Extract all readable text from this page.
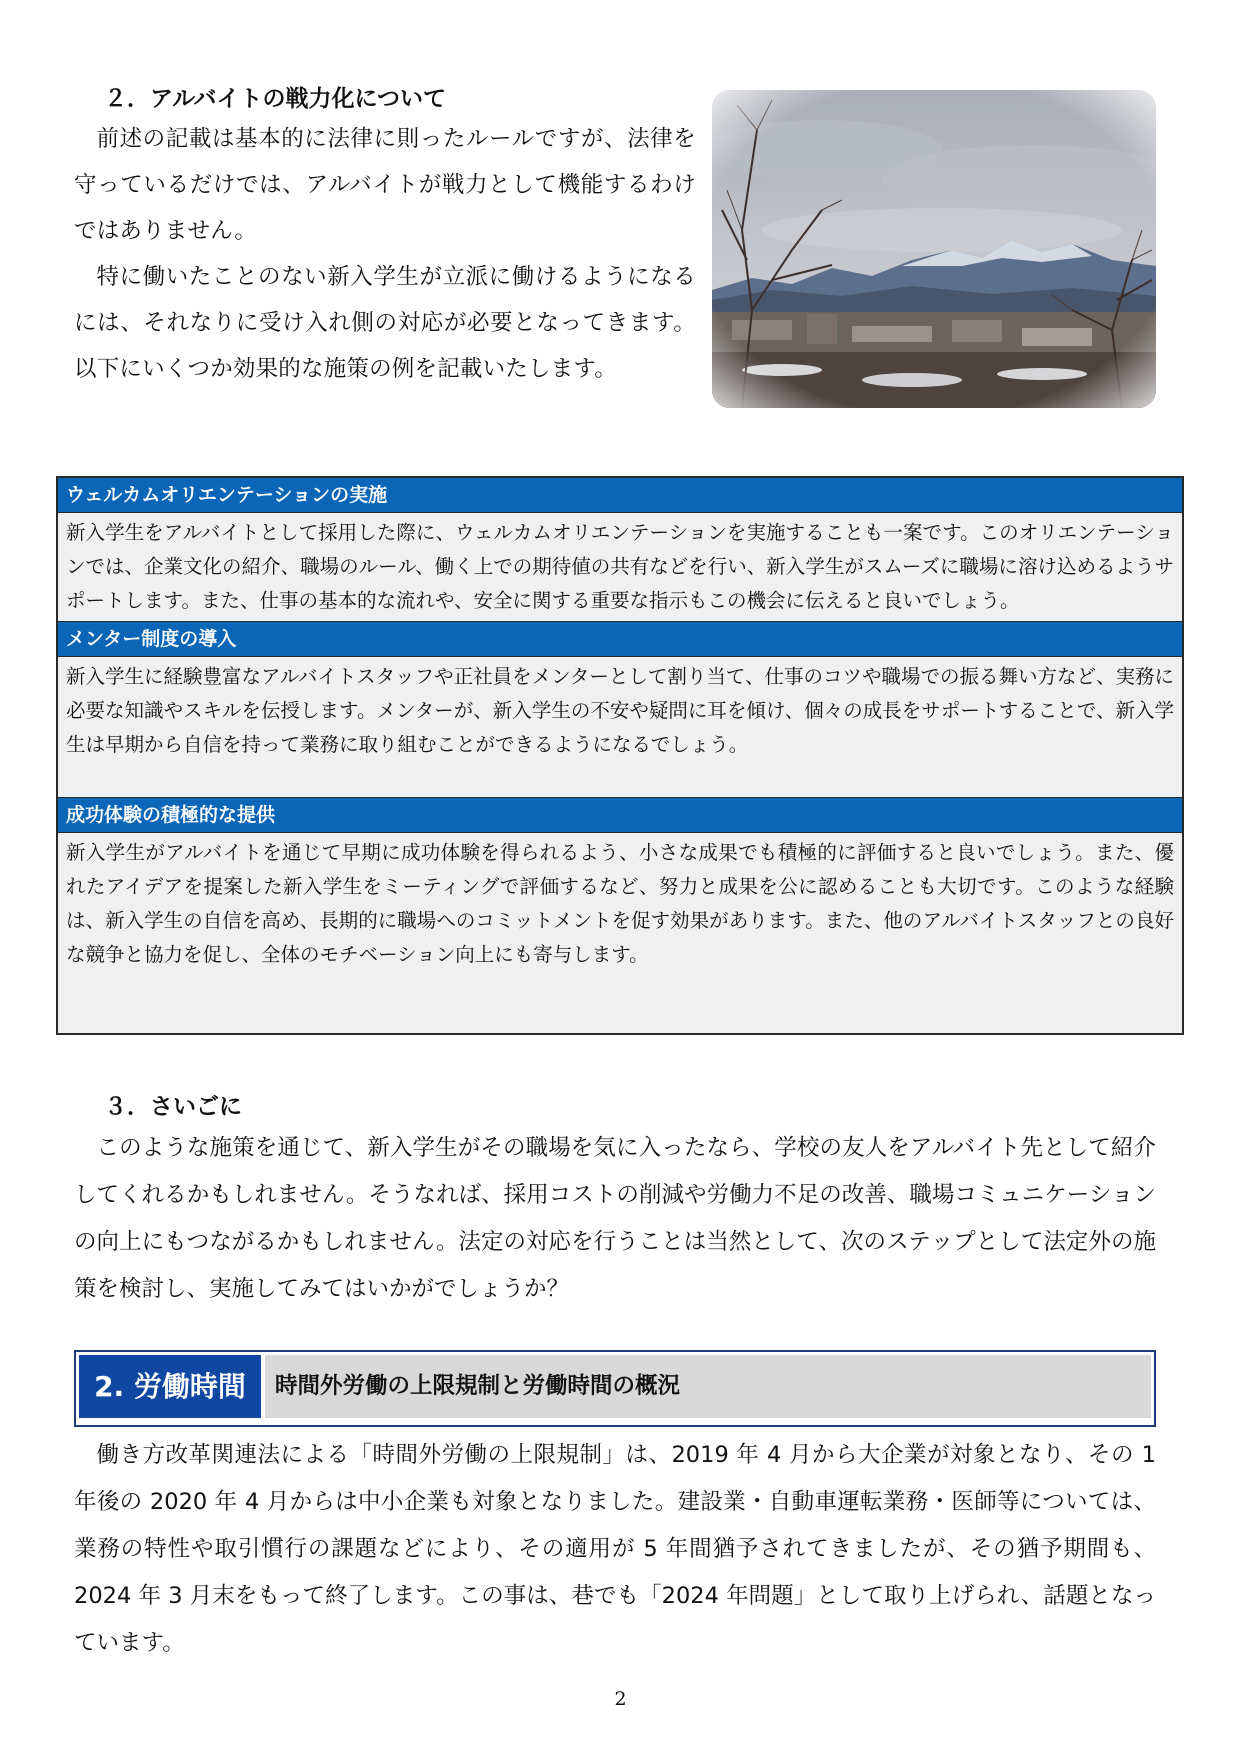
２．アルバイトの戦力化について

前述の記載は基本的に法律に則ったルールですが、法律を守っているだけでは、アルバイトが戦力として機能するわけではありません。

特に働いたことのない新入学生が立派に働けるようになるには、それなりに受け入れ側の対応が必要となってきます。以下にいくつか効果的な施策の例を記載いたします。

ウェルカムオリエンテーションの実施
新入学生をアルバイトとして採用した際に、ウェルカムオリエンテーションを実施することも一案です。このオリエンテーションでは、企業文化の紹介、職場のルール、働く上での期待値の共有などを行い、新入学生がスムーズに職場に溶け込めるようサポートします。また、仕事の基本的な流れや、安全に関する重要な指示もこの機会に伝えると良いでしょう。
メンター制度の導入
新入学生に経験豊富なアルバイトスタッフや正社員をメンターとして割り当て、仕事のコツや職場での振る舞い方など、実務に必要な知識やスキルを伝授します。メンターが、新入学生の不安や疑問に耳を傾け、個々の成長をサポートすることで、新入学生は早期から自信を持って業務に取り組むことができるようになるでしょう。
成功体験の積極的な提供
新入学生がアルバイトを通じて早期に成功体験を得られるよう、小さな成果でも積極的に評価すると良いでしょう。また、優れたアイデアを提案した新入学生をミーティングで評価するなど、努力と成果を公に認めることも大切です。このような経験は、新入学生の自信を高め、長期的に職場へのコミットメントを促す効果があります。また、他のアルバイトスタッフとの良好な競争と協力を促し、全体のモチベーション向上にも寄与します。
３．さいごに

このような施策を通じて、新入学生がその職場を気に入ったなら、学校の友人をアルバイト先として紹介してくれるかもしれません。そうなれば、採用コストの削減や労働力不足の改善、職場コミュニケーションの向上にもつながるかもしれません。法定の対応を行うことは当然として、次のステップとして法定外の施策を検討し、実施してみてはいかがでしょうか？

2. 労働時間	時間外労働の上限規制と労働時間の概況

働き方改革関連法による「時間外労働の上限規制」は、2019 年 4 月から大企業が対象となり、その 1 年後の 2020 年 4 月からは中小企業も対象となりました。建設業・自動車運転業務・医師等については、業務の特性や取引慣行の課題などにより、その適用が 5 年間猶予されてきましたが、その猶予期間も、2024 年 3 月末をもって終了します。この事は、巷でも「2024 年問題」として取り上げられ、話題となっています。

2
